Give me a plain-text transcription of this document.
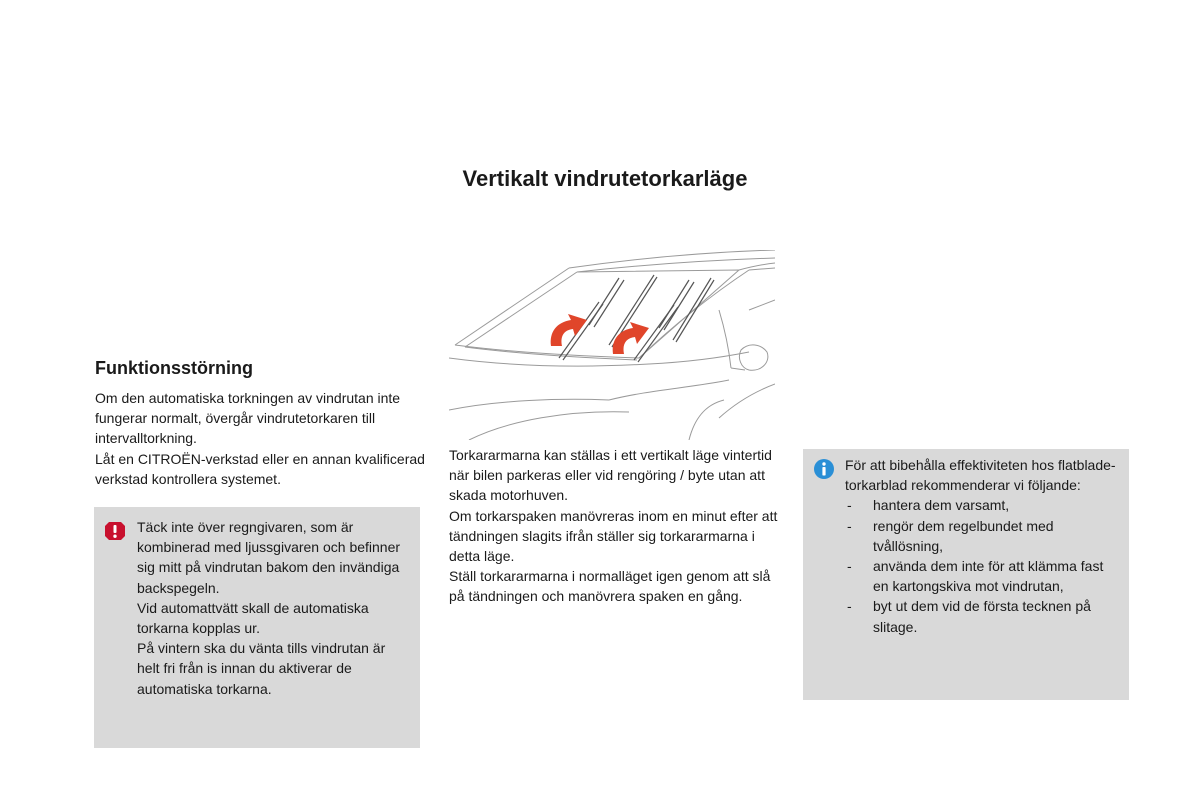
Vertikalt vindrutetorkarläge
Funktionsstörning

Om den automatiska torkningen av vindrutan inte fungerar normalt, övergår vindrutetorkaren till intervalltorkning.

Låt en CITROËN-verkstad eller en annan kvalificerad verkstad kontrollera systemet.

Täck inte över regngivaren, som är kombinerad med ljussgivaren och befinner sig mitt på vindrutan bakom den invändiga backspegeln.

Vid automattvätt skall de automatiska torkarna kopplas ur.

På vintern ska du vänta tills vindrutan är helt fri från is innan du aktiverar de automatiska torkarna.

Torkararmarna kan ställas i ett vertikalt läge vintertid när bilen parkeras eller vid rengöring / byte utan att skada motorhuven.

Om torkarspaken manövreras inom en minut efter att tändningen slagits ifrån ställer sig torkararmarna i detta läge.

Ställ torkararmarna i normalläget igen genom att slå på tändningen och manövrera spaken en gång.

För att bibehålla effektiviteten hos flatblade-torkarblad rekommenderar vi följande:

- hantera dem varsamt,
- rengör dem regelbundet med tvållösning,
- använda dem inte för att klämma fast en kartongskiva mot vindrutan,
- byt ut dem vid de första tecknen på slitage.
